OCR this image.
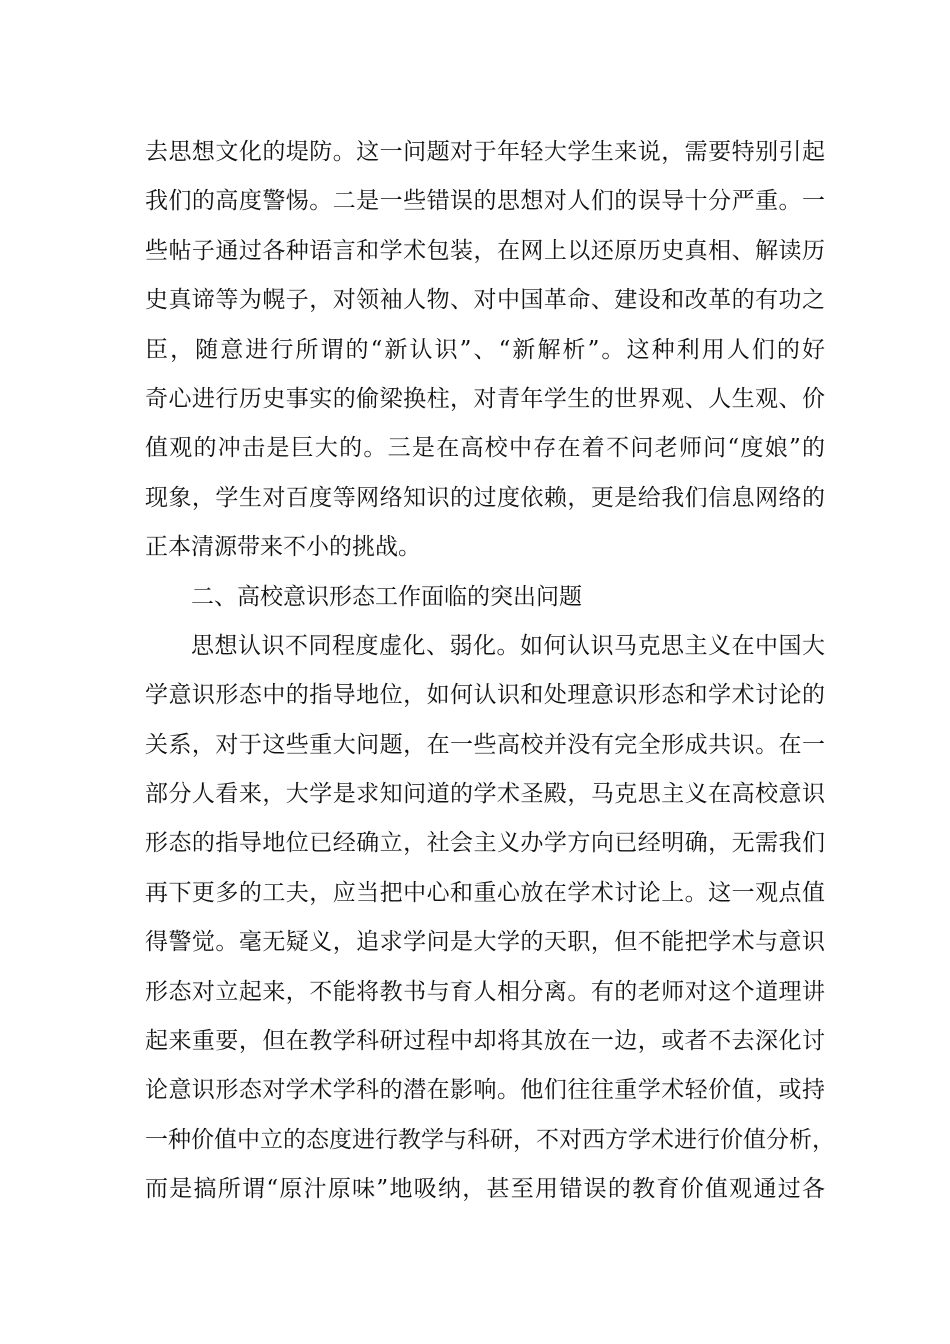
去思想文化的堤防。这一问题对于年轻大学生来说，需要特别引起
我们的高度警惕。二是一些错误的思想对人们的误导十分严重。一
些帖子通过各种语言和学术包装，在网上以还原历史真相、解读历
史真谛等为幌子，对领袖人物、对中国革命、建设和改革的有功之
臣，随意进行所谓的“新认识”、“新解析”。这种利用人们的好
奇心进行历史事实的偷梁换柱，对青年学生的世界观、人生观、价
值观的冲击是巨大的。三是在高校中存在着不问老师问“度娘”的
现象，学生对百度等网络知识的过度依赖，更是给我们信息网络的
正本清源带来不小的挑战。
二、高校意识形态工作面临的突出问题
思想认识不同程度虚化、弱化。如何认识马克思主义在中国大
学意识形态中的指导地位，如何认识和处理意识形态和学术讨论的
关系，对于这些重大问题，在一些高校并没有完全形成共识。在一
部分人看来，大学是求知问道的学术圣殿，马克思主义在高校意识
形态的指导地位已经确立，社会主义办学方向已经明确，无需我们
再下更多的工夫，应当把中心和重心放在学术讨论上。这一观点值
得警觉。毫无疑义，追求学问是大学的天职，但不能把学术与意识
形态对立起来，不能将教书与育人相分离。有的老师对这个道理讲
起来重要，但在教学科研过程中却将其放在一边，或者不去深化讨
论意识形态对学术学科的潜在影响。他们往往重学术轻价值，或持
一种价值中立的态度进行教学与科研，不对西方学术进行价值分析，
而是搞所谓“原汁原味”地吸纳，甚至用错误的教育价值观通过各
